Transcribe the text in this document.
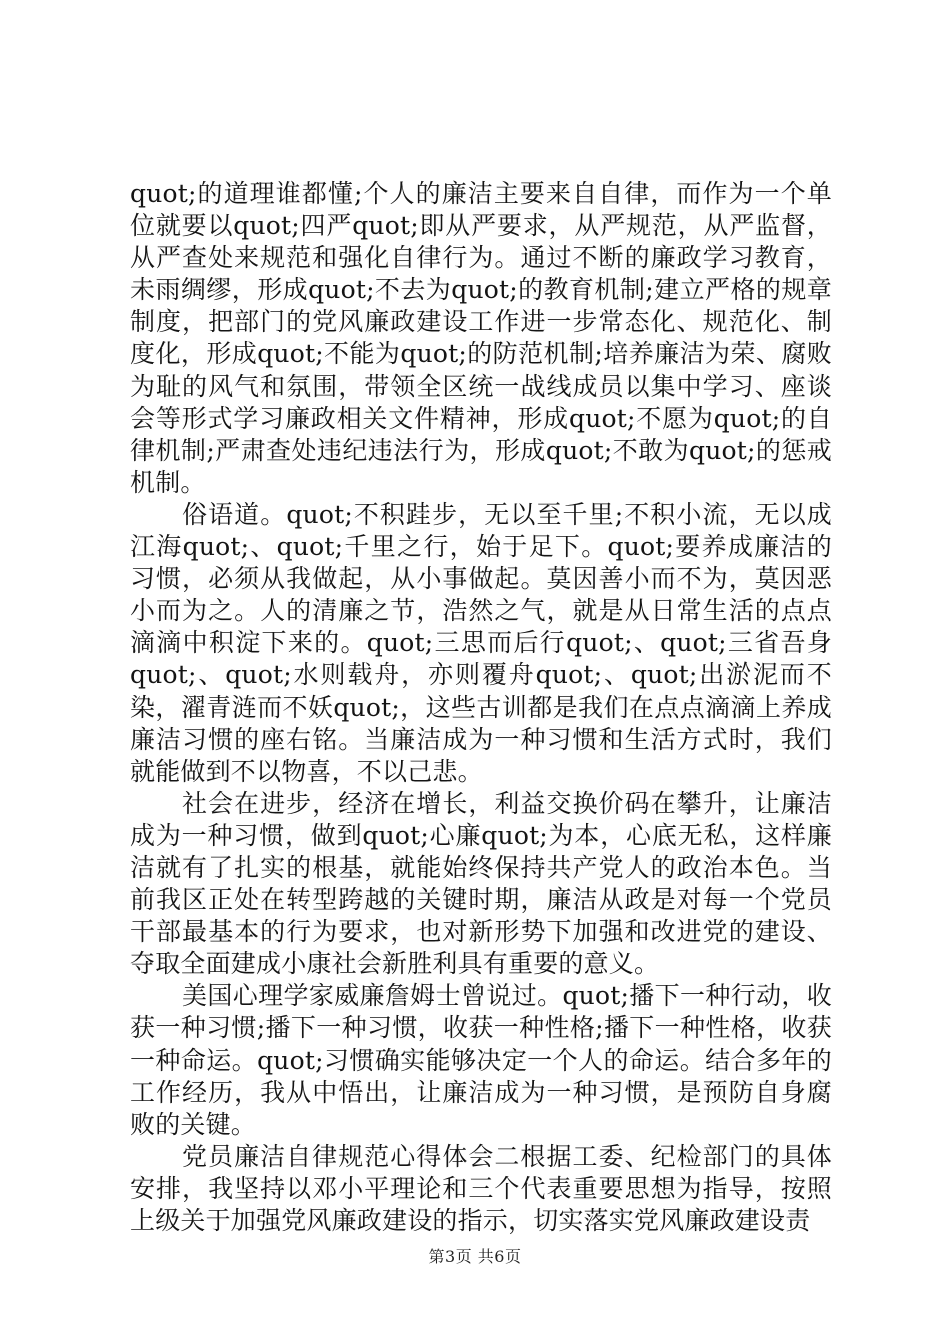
quot;的道理谁都懂;个人的廉洁主要来自自律，而作为一个单位就要以quot;四严quot;即从严要求，从严规范，从严监督，从严查处来规范和强化自律行为。通过不断的廉政学习教育，未雨绸缪，形成quot;不去为quot;的教育机制;建立严格的规章制度，把部门的党风廉政建设工作进一步常态化、规范化、制度化，形成quot;不能为quot;的防范机制;培养廉洁为荣、腐败为耻的风气和氛围，带领全区统一战线成员以集中学习、座谈会等形式学习廉政相关文件精神，形成quot;不愿为quot;的自律机制;严肃查处违纪违法行为，形成quot;不敢为quot;的惩戒机制。

俗语道。quot;不积跬步，无以至千里;不积小流，无以成江海quot;、quot;千里之行，始于足下。quot;要养成廉洁的习惯，必须从我做起，从小事做起。莫因善小而不为，莫因恶小而为之。人的清廉之节，浩然之气，就是从日常生活的点点滴滴中积淀下来的。quot;三思而后行quot;、quot;三省吾身quot;、quot;水则载舟，亦则覆舟quot;、quot;出淤泥而不染，濯青涟而不妖quot;，这些古训都是我们在点点滴滴上养成廉洁习惯的座右铭。当廉洁成为一种习惯和生活方式时，我们就能做到不以物喜，不以己悲。

社会在进步，经济在增长，利益交换价码在攀升，让廉洁成为一种习惯，做到quot;心廉quot;为本，心底无私，这样廉洁就有了扎实的根基，就能始终保持共产党人的政治本色。当前我区正处在转型跨越的关键时期，廉洁从政是对每一个党员干部最基本的行为要求，也对新形势下加强和改进党的建设、夺取全面建成小康社会新胜利具有重要的意义。

美国心理学家威廉詹姆士曾说过。quot;播下一种行动，收获一种习惯;播下一种习惯，收获一种性格;播下一种性格，收获一种命运。quot;习惯确实能够决定一个人的命运。结合多年的工作经历，我从中悟出，让廉洁成为一种习惯，是预防自身腐败的关键。

党员廉洁自律规范心得体会二根据工委、纪检部门的具体安排，我坚持以邓小平理论和三个代表重要思想为指导，按照上级关于加强党风廉政建设的指示，切实落实党风廉政建设责

第3页 共6页
